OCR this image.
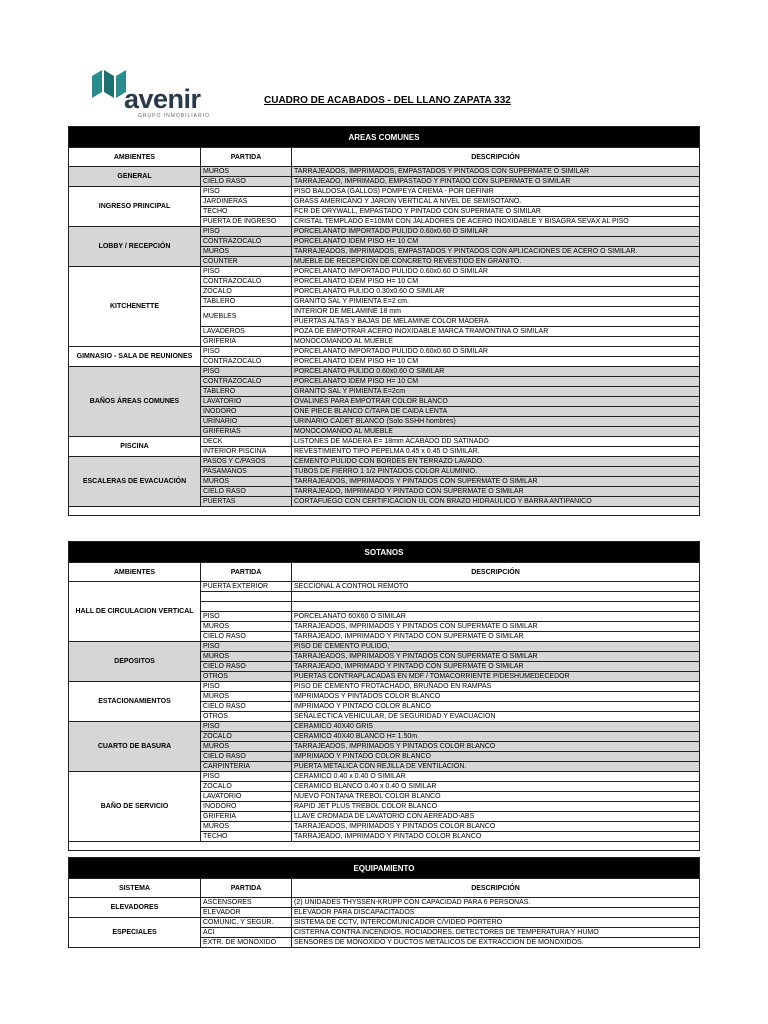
avenir
GRUPO INMOBILIARIO
CUADRO DE ACABADOS - DEL LLANO ZAPATA 332
AREAS COMUNES		
AMBIENTES	PARTIDA	DESCRIPCIÓN
GENERAL	MUROS	TARRAJEADOS, IMPRIMADOS, EMPASTADOS Y PINTADOS CON SUPERMATE O SIMILAR
	CIELO RASO	TARRAJEADO, IMPRIMADO, EMPASTADO Y PINTADO CON SUPERMATE O SIMILAR
INGRESO PRINCIPAL	PISO	PISO BALDOSA (GALLOS) POMPEYA CREMA - POR DEFINIR
	JARDINERAS	GRASS AMERICANO Y JARDIN VERTICAL A NIVEL DE SEMISOTANO.
	TECHO	FCR DE DRYWALL, EMPASTADO Y PINTADO CON SUPERMATE O SIMILAR
	PUERTA DE INGRESO	CRISTAL TEMPLADO E=10MM CON JALADORES DE ACERO INOXIDABLE Y BISAGRA SEVAX AL PISO
LOBBY / RECEPCIÓN	PISO	PORCELANATO IMPORTADO PULIDO 0.60x0.60 O SIMILAR
	CONTRAZOCALO	PORCELANATO IDEM PISO H= 10 CM
	MUROS	TARRAJEADOS, IMPRIMADOS, EMPASTADOS Y PINTADOS CON APLICACIONES DE ACERO O SIMILAR.
	COUNTER	MUEBLE DE RECEPCIÓN DE CONCRETO REVESTIDO EN GRANITO.
KITCHENETTE	PISO	PORCELANATO IMPORTADO PULIDO 0.60x0.60 O SIMILAR
	CONTRAZOCALO	PORCELANATO IDEM PISO H= 10 CM
	ZOCALO	PORCELANATO PULIDO 0.30x0.60 O SIMILAR
	TABLERO	GRANITO SAL Y PIMIENTA E=2 cm.
	MUEBLES	INTERIOR DE MELAMINE 18 mm
		PUERTAS ALTAS Y BAJAS DE MELAMINE COLOR MADERA
	LAVADEROS	POZA DE EMPOTRAR ACERO INOXIDABLE MARCA TRAMONTINA O SIMILAR
	GRIFERIA	MONOCOMANDO AL MUEBLE
GIMNASIO - SALA DE REUNIONES	PISO	PORCELANATO IMPORTADO PULIDO 0.60x0.60 O SIMILAR
	CONTRAZOCALO	PORCELANATO IDEM PISO H= 10 CM
BAÑOS ÁREAS COMUNES	PISO	PORCELANATO PULIDO 0.60x0.60 O SIMILAR
	CONTRAZOCALO	PORCELANATO IDEM PISO H= 10 CM
	TABLERO	GRANITO SAL Y PIMIENTA E=2cm
	LAVATORIO	OVALINES PARA EMPOTRAR COLOR BLANCO
	INODORO	ONE PIECE BLANCO C/TAPA DE CAIDA LENTA
	URINARIO	URINARIO CADET BLANCO (Solo SSHH hombres)
	GRIFERIAS	MONOCOMANDO AL MUEBLE
PISCINA	DECK	LISTONES DE MADERA E= 18mm ACABADO DD SATINADO
	INTERIOR PISCINA	REVESTIMIENTO TIPO PEPELMA 0.45 x 0.45 O SIMILAR.
ESCALERAS DE EVACUACIÓN	PASOS Y C/PASOS	CEMENTO PULIDO CON BORDES EN TERRAZO LAVADO.
	PASAMANOS	TUBOS DE FIERRO 1 1/2 PINTADOS COLOR ALUMINIO.
	MUROS	TARRAJEADOS, IMPRIMADOS Y PINTADOS CON SUPERMATE O SIMILAR
	CIELO RASO	TARRAJEADO, IMPRIMADO Y PINTADO CON SUPERMATE O SIMILAR
	PUERTAS	CORTAFUEGO CON CERTIFICACIÓN UL CON BRAZO HIDRAULICO Y BARRA ANTIPANICO

SOTANOS		
AMBIENTES	PARTIDA	DESCRIPCIÓN
HALL DE CIRCULACION VERTICAL	PUERTA EXTERIOR	SECCIONAL A CONTROL REMOTO

	PISO	PORCELANATO 60X60 O SIMILAR
	MUROS	TARRAJEADOS, IMPRIMADOS Y PINTADOS CON SUPERMATE O SIMILAR
	CIELO RASO	TARRAJEADO, IMPRIMADO Y PINTADO CON SUPERMATE O SIMILAR
DEPOSITOS	PISO	PISO DE CEMENTO PULIDO,
	MUROS	TARRAJEADOS, IMPRIMADOS Y PINTADOS CON SUPERMATE O SIMILAR
	CIELO RASO	TARRAJEADO, IMPRIMADO Y PINTADO CON SUPERMATE O SIMILAR
	OTROS	PUERTAS CONTRAPLACADAS EN MDF / TOMACORRIENTE P/DESHUMEDECEDOR
ESTACIONAMIENTOS	PISO	PISO DE CEMENTO FROTACHADO, BRUÑADO EN RAMPAS
	MUROS	IMPRIMADOS Y PINTADOS COLOR BLANCO
	CIELO RASO	IMPRIMADO Y PINTADO COLOR BLANCO
	OTROS	SEÑALECTICA VEHICULAR, DE SEGURIDAD Y EVACUACION
CUARTO DE BASURA	PISO	CERAMICO 40X40 GRIS
	ZOCALO	CERAMICO 40X40 BLANCO H= 1.50m
	MUROS	TARRAJEADOS, IMPRIMADOS Y PINTADOS COLOR BLANCO
	CIELO RASO	IMPRIMADO Y PINTADO COLOR BLANCO
	CARPINTERIA	PUERTA METALICA CON REJILLA DE VENTILACIÓN.
BAÑO DE SERVICIO	PISO	CERAMICO 0.40 x 0.40 O SIMILAR
	ZOCALO	CERAMICO BLANCO 0.40 x 0.40 O SIMILAR
	LAVATORIO	NUEVO FONTANA TREBOL COLOR BLANCO
	INODORO	RAPID JET PLUS TREBOL COLOR BLANCO
	GRIFERIA	LLAVE CROMADA DE LAVATORIO CON AEREADO-ABS
	MUROS	TARRAJEADOS, IMPRIMADOS Y PINTADOS COLOR BLANCO
	TECHO	TARRAJEADO, IMPRIMADO Y PINTADO COLOR BLANCO

EQUIPAMIENTO		
SISTEMA	PARTIDA	DESCRIPCIÓN
ELEVADORES	ASCENSORES	(2) UNIDADES THYSSEN-KRUPP CON CAPACIDAD PARA 6 PERSONAS.
	ELEVADOR	ELEVADOR PARA DISCAPACITADOS
ESPECIALES	COMUNIC. Y SEGUR.	SISTEMA DE CCTV, INTERCOMUNICADOR C/VIDEO PORTERO
	ACI	CISTERNA CONTRA INCENDIOS, ROCIADORES, DETECTORES DE TEMPERATURA Y HUMO
	EXTR. DE MONÓXIDO	SENSORES DE MONOXIDO Y DUCTOS METALICOS DE EXTRACCION DE MONOXIDOS.
